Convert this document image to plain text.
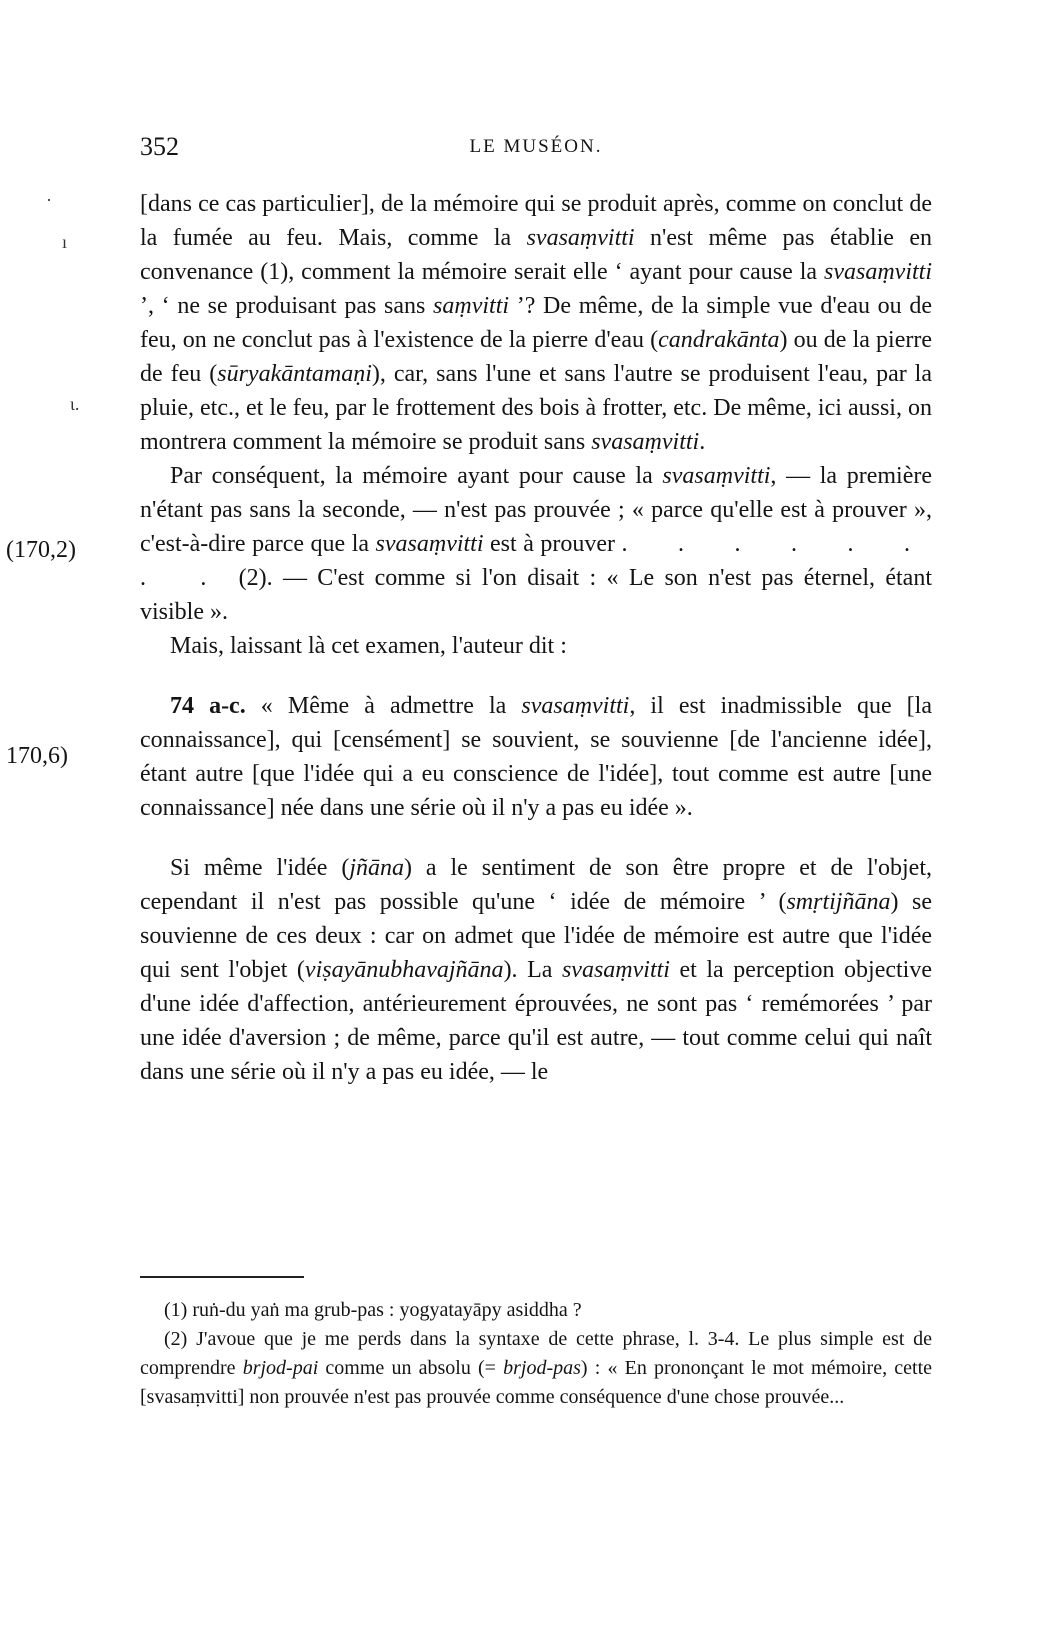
352	LE MUSÉON.
·
ı
ι.
(170,2)
170,6)

[dans ce cas particulier], de la mémoire qui se produit après, comme on conclut de la fumée au feu. Mais, comme la svasaṃvitti n'est même pas établie en convenance (1), comment la mémoire serait elle ‘ ayant pour cause la svasaṃvitti ’, ‘ ne se produisant pas sans saṃvitti ’? De même, de la simple vue d'eau ou de feu, on ne conclut pas à l'existence de la pierre d'eau (candrakānta) ou de la pierre de feu (sūryakāntamaṇi), car, sans l'une et sans l'autre se produisent l'eau, par la pluie, etc., et le feu, par le frottement des bois à frotter, etc. De même, ici aussi, on montrera comment la mémoire se produit sans svasaṃvitti.

Par conséquent, la mémoire ayant pour cause la svasaṃvitti, — la première n'étant pas sans la seconde, — n'est pas prouvée ; « parce qu'elle est à prouver », c'est-à-dire parce que la svasaṃvitti est à prouver . . . . . . . . (2). — C'est comme si l'on disait : « Le son n'est pas éternel, étant visible ».

Mais, laissant là cet examen, l'auteur dit :

74 a-c. « Même à admettre la svasaṃvitti, il est inadmissible que [la connaissance], qui [censément] se souvient, se souvienne [de l'ancienne idée], étant autre [que l'idée qui a eu conscience de l'idée], tout comme est autre [une connaissance] née dans une série où il n'y a pas eu idée ».

Si même l'idée (jñāna) a le sentiment de son être propre et de l'objet, cependant il n'est pas possible qu'une ‘ idée de mémoire ’ (smṛtijñāna) se souvienne de ces deux : car on admet que l'idée de mémoire est autre que l'idée qui sent l'objet (viṣayānubhavajñāna). La svasaṃvitti et la perception objective d'une idée d'affection, antérieurement éprouvées, ne sont pas ‘ remémorées ’ par une idée d'aversion ; de même, parce qu'il est autre, — tout comme celui qui naît dans une série où il n'y a pas eu idée, — le

(1) ruṅ-du yaṅ ma grub-pas : yogyatayāpy asiddha ?

(2) J'avoue que je me perds dans la syntaxe de cette phrase, l. 3-4. Le plus simple est de comprendre brjod-pai comme un absolu (= brjod-pas) : « En prononçant le mot mémoire, cette [svasaṃvitti] non prouvée n'est pas prouvée comme conséquence d'une chose prouvée...
